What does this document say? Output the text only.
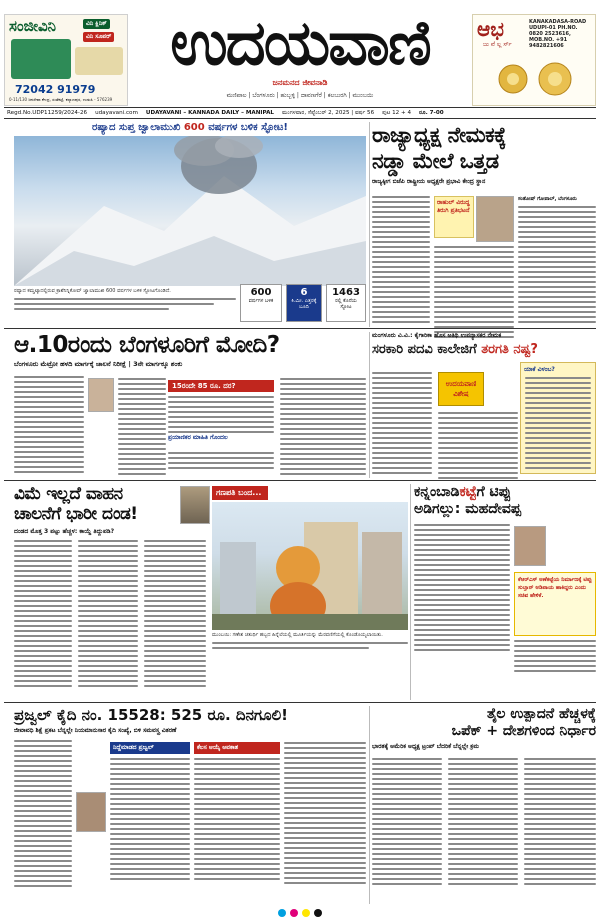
ಸಂಜೀವಿನಿ	ವಿನಿ ಕ್ಲಿನಿಕ್
ವಿನಿ ಸೂಪರ್
72042 91979
0-11/130 ಜನಸೇವಾ ಕೇಂದ್ರ, ಸಂತೆಕಟ್ಟೆ, ಕಲ್ಯಾಣಪುರ, ಉಡುಪಿ - 576239
ಉದಯವಾಣಿ
ಜನಮನದ ಜೀವನಾಡಿ
ಮಣಿಪಾಲ | ಬೆಂಗಳೂರು | ಹುಬ್ಬಳ್ಳಿ | ದಾವಣಗೆರೆ | ಕಲಬುರಗಿ | ಮುಂಬಯಿ
ಆಭ
ಜು ವೆ ಲ್ಲ ರ್ಸ್
KANAKADASA-ROAD UDUPI-01 PH.NO. 0820 2523616, MOB.NO. +91 9482821606
Regd.No.UDP11259/2024-26 udayavani.com UDAYAVANI – KANNADA DAILY – MANIPAL ಮಂಗಳವಾರ, ಸೆಪ್ಟೆಂಬರ್ 2, 2025 | ವರ್ಷ 56 ಪುಟ 12 + 4 ರೂ. 7-00
ರಷ್ಯಾದ ಸುಪ್ತ ಜ್ವಾಲಾಮುಖಿ 600 ವರ್ಷಗಳ ಬಳಿಕ ಸ್ಫೋಟ!
ರಷ್ಯಾದ ಕಮ್ಚಟ್ಕಾದಲ್ಲಿರುವ ಕ್ರಾಶೆನಿನ್ನಿಕೋವ್ ಜ್ವಾಲಾಮುಖಿ 600 ವರ್ಷಗಳ ಬಳಿಕ ಸ್ಫೋಟಗೊಂಡಿದೆ.	600
ವರ್ಷಗಳ ಬಳಿಕ
6
ಕಿ.ಮೀ. ಎತ್ತರಕ್ಕೆ ಬೂದಿ
1463
ರಲ್ಲಿ ಕೊನೆಯ ಸ್ಫೋಟ
ರಾಜ್ಯಾಧ್ಯಕ್ಷ ನೇಮಕಕ್ಕೆ
ನಡ್ಡಾ ಮೇಲೆ ಒತ್ತಡ
ರಾಜ್ಯಕ್ಕೀಗ ಬಿಜೆಪಿ ರಾಷ್ಟ್ರೀಯ ಅಧ್ಯಕ್ಷರೇ ಪ್ರಭಾವಿ ಕೇಂದ್ರ ಸ್ಥಾನ
ರಾಹುಲ್ ವಿರುದ್ಧ ತಿರುಗಿ ಪ್ರತಿಭಟನೆ
ಸಂತೋಷ್ ಗೋಪಾಲ್, ಬೆಂಗಳೂರು
ಆ.10ರಂದು ಬೆಂಗಳೂರಿಗೆ ಮೋದಿ?
ಬೆಂಗಳೂರು ಮೆಟ್ರೋ ಹಳದಿ ಮಾರ್ಗಕ್ಕೆ ಚಾಲನೆ ನಿರೀಕ್ಷೆ | 3ನೇ ಮಾರ್ಗಕ್ಕೂ ಶಂಕು
15ರಂದೇ 85 ರೂ. ದರ?
ಪ್ರಯಾಣಿಕರ ಮಾಹಿತಿ ಗೊಂದಲ
ಮಂಗಳೂರು ವಿ.ವಿ.: ಕೈಗಾರಿಕಾ ಹೊಸ ಅತಿಥಿ ಉಪನ್ಯಾಸಕರ ನೇಮಕ
ಸರಕಾರಿ ಪದವಿ ಕಾಲೇಜಿಗೆ ತರಗತಿ ನಷ್ಟ?
ಉದಯವಾಣಿ ವಿಶೇಷ
ಯಾಕೆ ವಿಳಂಬ?
ವಿಮೆ ಇಲ್ಲದೆ ವಾಹನ
ಚಾಲನೆಗೆ ಭಾರೀ ದಂಡ!
ದಂಡದ ಮೊತ್ತ 3 ಪಟ್ಟು ಹೆಚ್ಚಳ: ಕಾಯ್ದೆ ತಿದ್ದುಪಡಿ?
ಗಣಪತಿ ಬಂದ...
ಮುಂಬಯಿ: ಗಣೇಶ ಚತುರ್ಥಿ ಹಬ್ಬದ ಹಿನ್ನೆಲೆಯಲ್ಲಿ ಮೂರ್ತಿಯನ್ನು ಮೆರವಣಿಗೆಯಲ್ಲಿ ಕೊಂಡೊಯ್ಯಲಾಯಿತು.
ಕನ್ನಂಬಾಡಿಕಟ್ಟೆಗೆ ಟಿಪ್ಪು
ಅಡಿಗಲ್ಲು: ಮಹದೇವಪ್ಪ
ಕೆಆರ್‌ಎಸ್ ಅಣೆಕಟ್ಟೆಯ ನಿರ್ಮಾಣಕ್ಕೆ ಟಿಪ್ಪು ಸುಲ್ತಾನ್ ಅಡಿಪಾಯ ಹಾಕಿದ್ದರು ಎಂದು ಸಚಿವ ಹೇಳಿಕೆ.
ಪ್ರಜ್ವಲ್ ಕೈದಿ ನಂ. 15528: 525 ರೂ. ದಿನಗೂಲಿ!
ಜೀವಾವಧಿ ಶಿಕ್ಷೆ ಪ್ರಕಟ ಬೆನ್ನಲ್ಲೇ ನಿಯಮಾನುಸಾರ ಕೈದಿ ಸಂಖ್ಯೆ, ಬಿಳಿ ಸಮವಸ್ತ್ರ ವಿತರಣೆ
ನಿದ್ದೆಮಾಡದ ಪ್ರಜ್ವಲ್	ಕೆಲಸ ಆಯ್ಕೆ ಅವಕಾಶ
ತೈಲ ಉತ್ಪಾದನೆ ಹೆಚ್ಚಳಕ್ಕೆ
ಒಪೆಕ್‌ + ದೇಶಗಳಿಂದ ನಿರ್ಧಾರ
ಭಾರತಕ್ಕೆ ಅಮೆರಿಕ ಅಧ್ಯಕ್ಷ ಟ್ರಂಪ್ ಬೆದರಿಕೆ ಬೆನ್ನಲ್ಲೇ ಕ್ರಮ
